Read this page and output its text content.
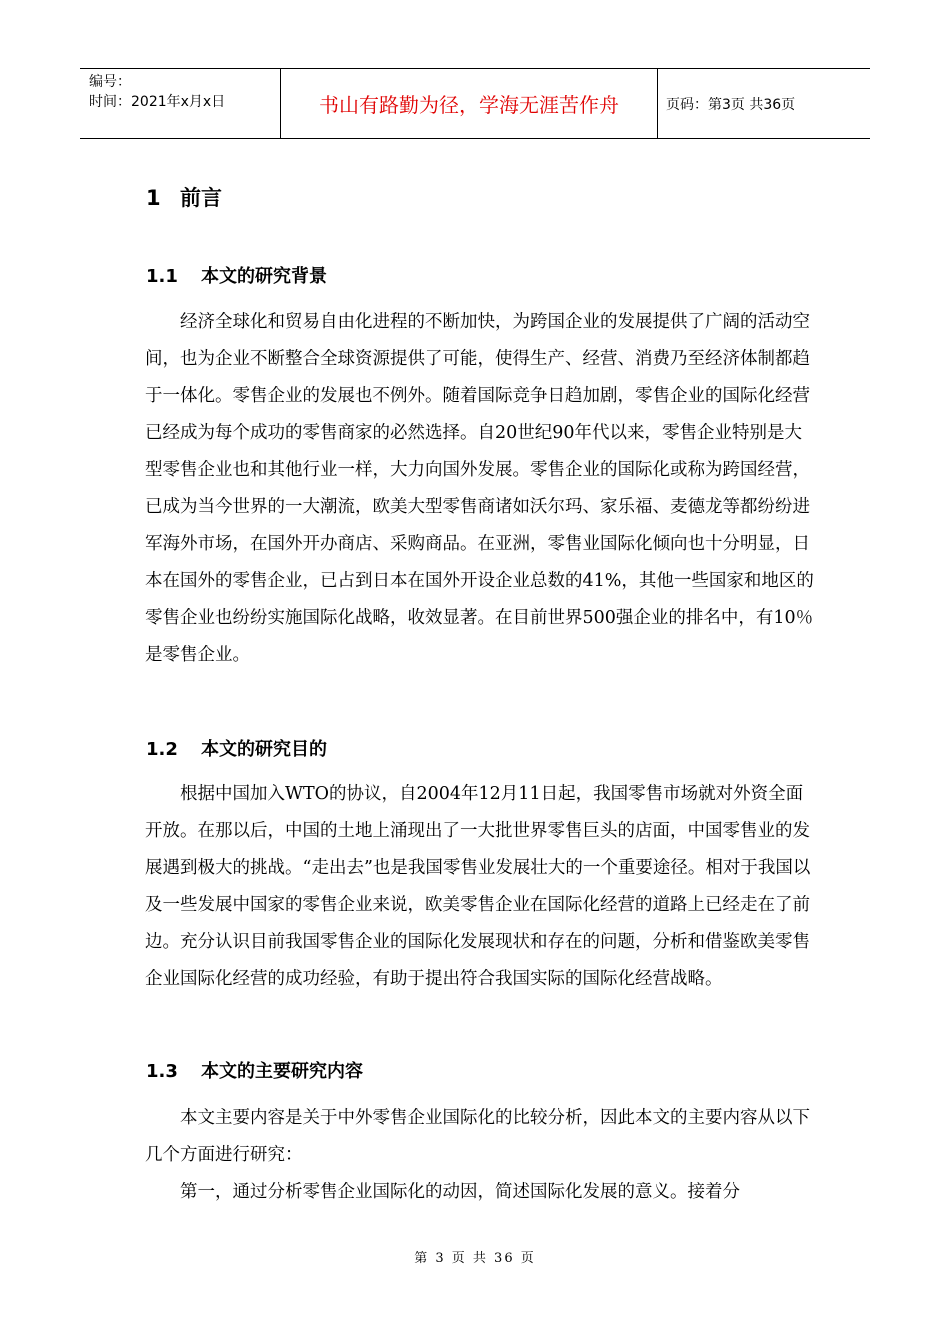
编号：
时间：2021年x月x日	书山有路勤为径，学海无涯苦作舟	页码：第3页 共36页
1 前言
1.1 本文的研究背景

经济全球化和贸易自由化进程的不断加快，为跨国企业的发展提供了广阔的活动空间，也为企业不断整合全球资源提供了可能，使得生产、经营、消费乃至经济体制都趋于一体化。零售企业的发展也不例外。随着国际竞争日趋加剧，零售企业的国际化经营已经成为每个成功的零售商家的必然选择。自20世纪90年代以来，零售企业特别是大型零售企业也和其他行业一样，大力向国外发展。零售企业的国际化或称为跨国经营，已成为当今世界的一大潮流，欧美大型零售商诸如沃尔玛、家乐福、麦德龙等都纷纷进军海外市场，在国外开办商店、采购商品。在亚洲，零售业国际化倾向也十分明显，日本在国外的零售企业，已占到日本在国外开设企业总数的41%，其他一些国家和地区的零售企业也纷纷实施国际化战略，收效显著。在目前世界500强企业的排名中，有10％是零售企业。

1.2 本文的研究目的

根据中国加入WTO的协议，自2004年12月11日起，我国零售市场就对外资全面开放。在那以后，中国的土地上涌现出了一大批世界零售巨头的店面，中国零售业的发展遇到极大的挑战。“走出去”也是我国零售业发展壮大的一个重要途径。相对于我国以及一些发展中国家的零售企业来说，欧美零售企业在国际化经营的道路上已经走在了前边。充分认识目前我国零售企业的国际化发展现状和存在的问题，分析和借鉴欧美零售企业国际化经营的成功经验，有助于提出符合我国实际的国际化经营战略。

1.3 本文的主要研究内容

本文主要内容是关于中外零售企业国际化的比较分析，因此本文的主要内容从以下几个方面进行研究：

第一，通过分析零售企业国际化的动因，简述国际化发展的意义。接着分

第 3 页 共 36 页
